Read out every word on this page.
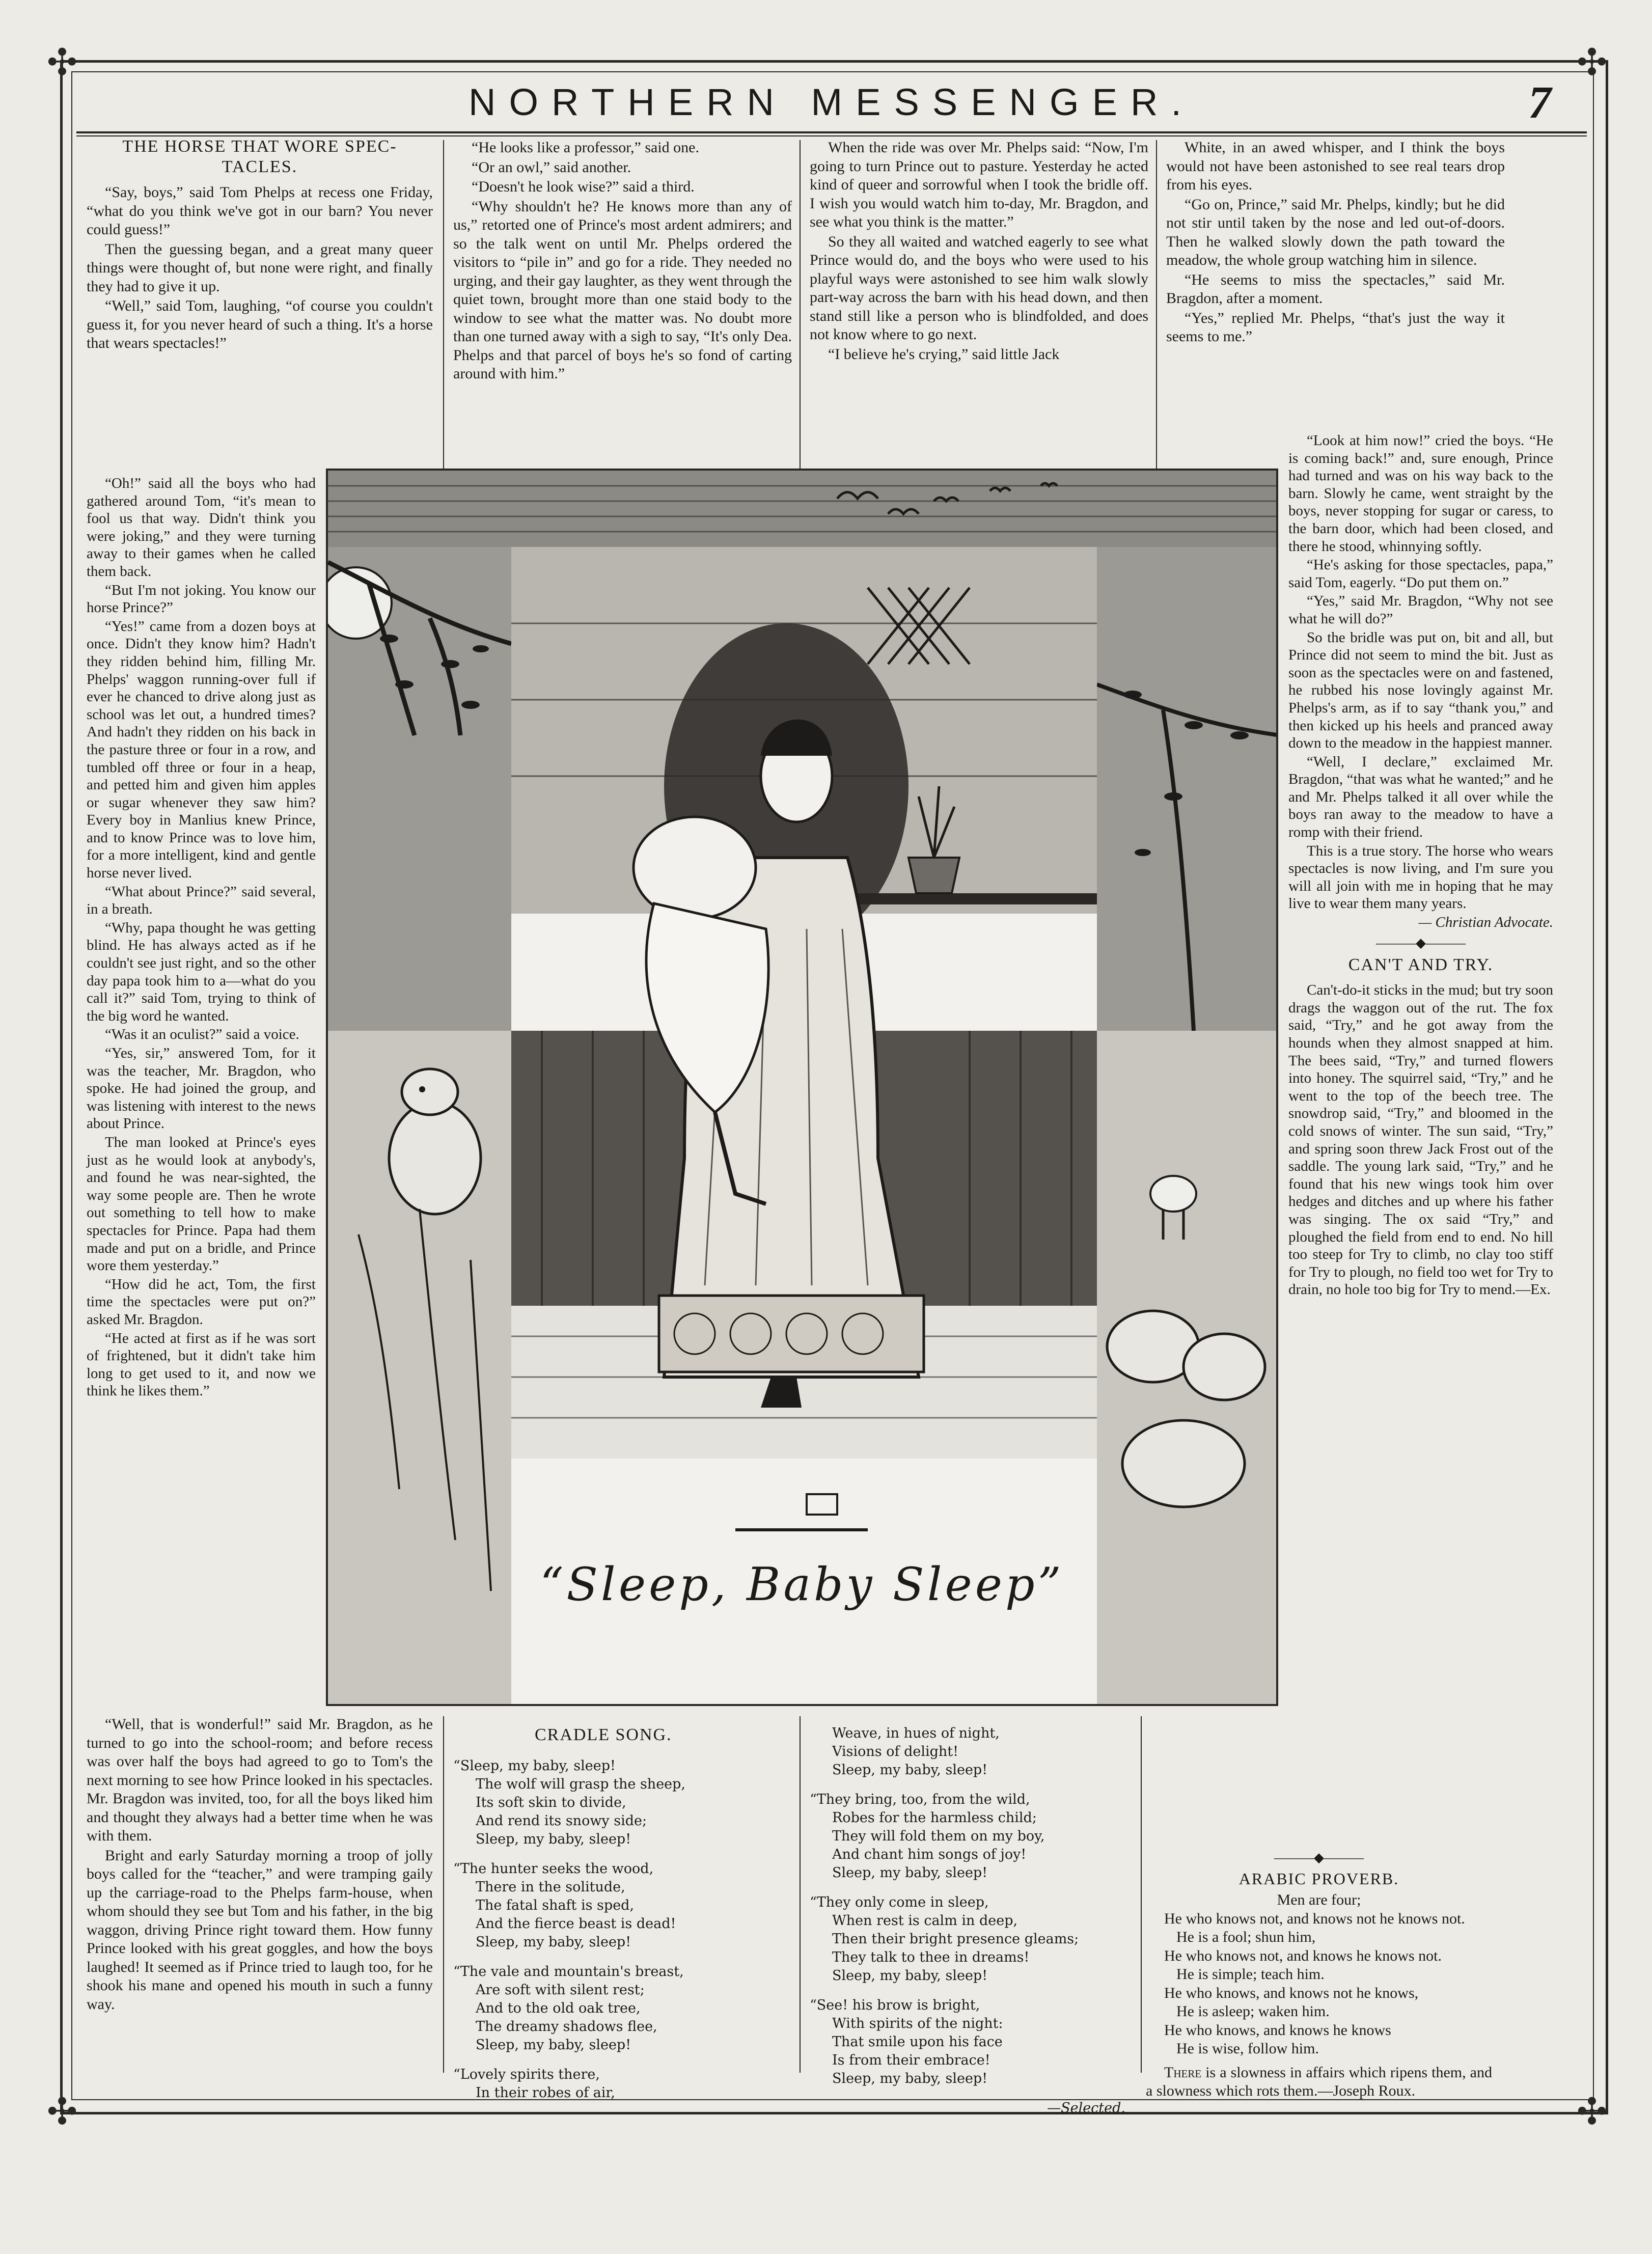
✣	✣
✣	✣
NORTHERN MESSENGER.	7
THE HORSE THAT WORE SPEC-TACLES.

“Say, boys,” said Tom Phelps at recess one Friday, “what do you think we've got in our barn? You never could guess!”

Then the guessing began, and a great many queer things were thought of, but none were right, and finally they had to give it up.

“Well,” said Tom, laughing, “of course you couldn't guess it, for you never heard of such a thing. It's a horse that wears spectacles!”

“Oh!” said all the boys who had gathered around Tom, “it's mean to fool us that way. Didn't think you were joking,” and they were turning away to their games when he called them back.

“But I'm not joking. You know our horse Prince?”

“Yes!” came from a dozen boys at once. Didn't they know him? Hadn't they ridden behind him, filling Mr. Phelps' waggon running-over full if ever he chanced to drive along just as school was let out, a hundred times? And hadn't they ridden on his back in the pasture three or four in a row, and tumbled off three or four in a heap, and petted him and given him apples or sugar whenever they saw him? Every boy in Manlius knew Prince, and to know Prince was to love him, for a more intelligent, kind and gentle horse never lived.

“What about Prince?” said several, in a breath.

“Why, papa thought he was getting blind. He has always acted as if he couldn't see just right, and so the other day papa took him to a—what do you call it?” said Tom, trying to think of the big word he wanted.

“Was it an oculist?” said a voice.

“Yes, sir,” answered Tom, for it was the teacher, Mr. Bragdon, who spoke. He had joined the group, and was listening with interest to the news about Prince.

The man looked at Prince's eyes just as he would look at anybody's, and found he was near-sighted, the way some people are. Then he wrote out something to tell how to make spectacles for Prince. Papa had them made and put on a bridle, and Prince wore them yesterday.”

“How did he act, Tom, the first time the spectacles were put on?” asked Mr. Bragdon.

“He acted at first as if he was sort of frightened, but it didn't take him long to get used to it, and now we think he likes them.”

“Well, that is wonderful!” said Mr. Bragdon, as he turned to go into the school-room; and before recess was over half the boys had agreed to go to Tom's the next morning to see how Prince looked in his spectacles. Mr. Bragdon was invited, too, for all the boys liked him and thought they always had a better time when he was with them.

Bright and early Saturday morning a troop of jolly boys called for the “teacher,” and were tramping gaily up the carriage-road to the Phelps farm-house, when whom should they see but Tom and his father, in the big waggon, driving Prince right toward them. How funny Prince looked with his great goggles, and how the boys laughed! It seemed as if Prince tried to laugh too, for he shook his mane and opened his mouth in such a funny way.

“He looks like a professor,” said one.

“Or an owl,” said another.

“Doesn't he look wise?” said a third.

“Why shouldn't he? He knows more than any of us,” retorted one of Prince's most ardent admirers; and so the talk went on until Mr. Phelps ordered the visitors to “pile in” and go for a ride. They needed no urging, and their gay laughter, as they went through the quiet town, brought more than one staid body to the window to see what the matter was. No doubt more than one turned away with a sigh to say, “It's only Dea. Phelps and that parcel of boys he's so fond of carting around with him.”

When the ride was over Mr. Phelps said: “Now, I'm going to turn Prince out to pasture. Yesterday he acted kind of queer and sorrowful when I took the bridle off. I wish you would watch him to-day, Mr. Bragdon, and see what you think is the matter.”

So they all waited and watched eagerly to see what Prince would do, and the boys who were used to his playful ways were astonished to see him walk slowly part-way across the barn with his head down, and then stand still like a person who is blindfolded, and does not know where to go next.

“I believe he's crying,” said little Jack

White, in an awed whisper, and I think the boys would not have been astonished to see real tears drop from his eyes.

“Go on, Prince,” said Mr. Phelps, kindly; but he did not stir until taken by the nose and led out-of-doors. Then he walked slowly down the path toward the meadow, the whole group watching him in silence.

“He seems to miss the spectacles,” said Mr. Bragdon, after a moment.

“Yes,” replied Mr. Phelps, “that's just the way it seems to me.”

“Look at him now!” cried the boys. “He is coming back!” and, sure enough, Prince had turned and was on his way back to the barn. Slowly he came, went straight by the boys, never stopping for sugar or caress, to the barn door, which had been closed, and there he stood, whinnying softly.

“He's asking for those spectacles, papa,” said Tom, eagerly. “Do put them on.”

“Yes,” said Mr. Bragdon, “Why not see what he will do?”

So the bridle was put on, bit and all, but Prince did not seem to mind the bit. Just as soon as the spectacles were on and fastened, he rubbed his nose lovingly against Mr. Phelps's arm, as if to say “thank you,” and then kicked up his heels and pranced away down to the meadow in the happiest manner.

“Well, I declare,” exclaimed Mr. Bragdon, “that was what he wanted;” and he and Mr. Phelps talked it all over while the boys ran away to the meadow to have a romp with their friend.

This is a true story. The horse who wears spectacles is now living, and I'm sure you will all join with me in hoping that he may live to wear them many years.

— Christian Advocate.

———◆———
CAN'T AND TRY.

Can't-do-it sticks in the mud; but try soon drags the waggon out of the rut. The fox said, “Try,” and he got away from the hounds when they almost snapped at him. The bees said, “Try,” and turned flowers into honey. The squirrel said, “Try,” and he went to the top of the beech tree. The snowdrop said, “Try,” and bloomed in the cold snows of winter. The sun said, “Try,” and spring soon threw Jack Frost out of the saddle. The young lark said, “Try,” and he found that his new wings took him over hedges and ditches and up where his father was singing. The ox said “Try,” and ploughed the field from end to end. No hill too steep for Try to climb, no clay too stiff for Try to plough, no field too wet for Try to drain, no hole too big for Try to mend.—Ex.

“Sleep, Baby Sleep”
CRADLE SONG.
“Sleep, my baby, sleep!
The wolf will grasp the sheep,
Its soft skin to divide,
And rend its snowy side;
Sleep, my baby, sleep!
“The hunter seeks the wood,
There in the solitude,
The fatal shaft is sped,
And the fierce beast is dead!
Sleep, my baby, sleep!
“The vale and mountain's breast,
Are soft with silent rest;
And to the old oak tree,
The dreamy shadows flee,
Sleep, my baby, sleep!
“Lovely spirits there,
In their robes of air,
Weave, in hues of night,
Visions of delight!
Sleep, my baby, sleep!
“They bring, too, from the wild,
Robes for the harmless child;
They will fold them on my boy,
And chant him songs of joy!
Sleep, my baby, sleep!
“They only come in sleep,
When rest is calm in deep,
Then their bright presence gleams;
They talk to thee in dreams!
Sleep, my baby, sleep!
“See! his brow is bright,
With spirits of the night:
That smile upon his face
Is from their embrace!
Sleep, my baby, sleep!
—Selected.
———◆———
ARABIC PROVERB.
Men are four;
He who knows not, and knows not he knows not.
He is a fool; shun him,
He who knows not, and knows he knows not.
He is simple; teach him.
He who knows, and knows not he knows,
He is asleep; waken him.
He who knows, and knows he knows
He is wise, follow him.
There is a slowness in affairs which ripens them, and a slowness which rots them.—Joseph Roux.
